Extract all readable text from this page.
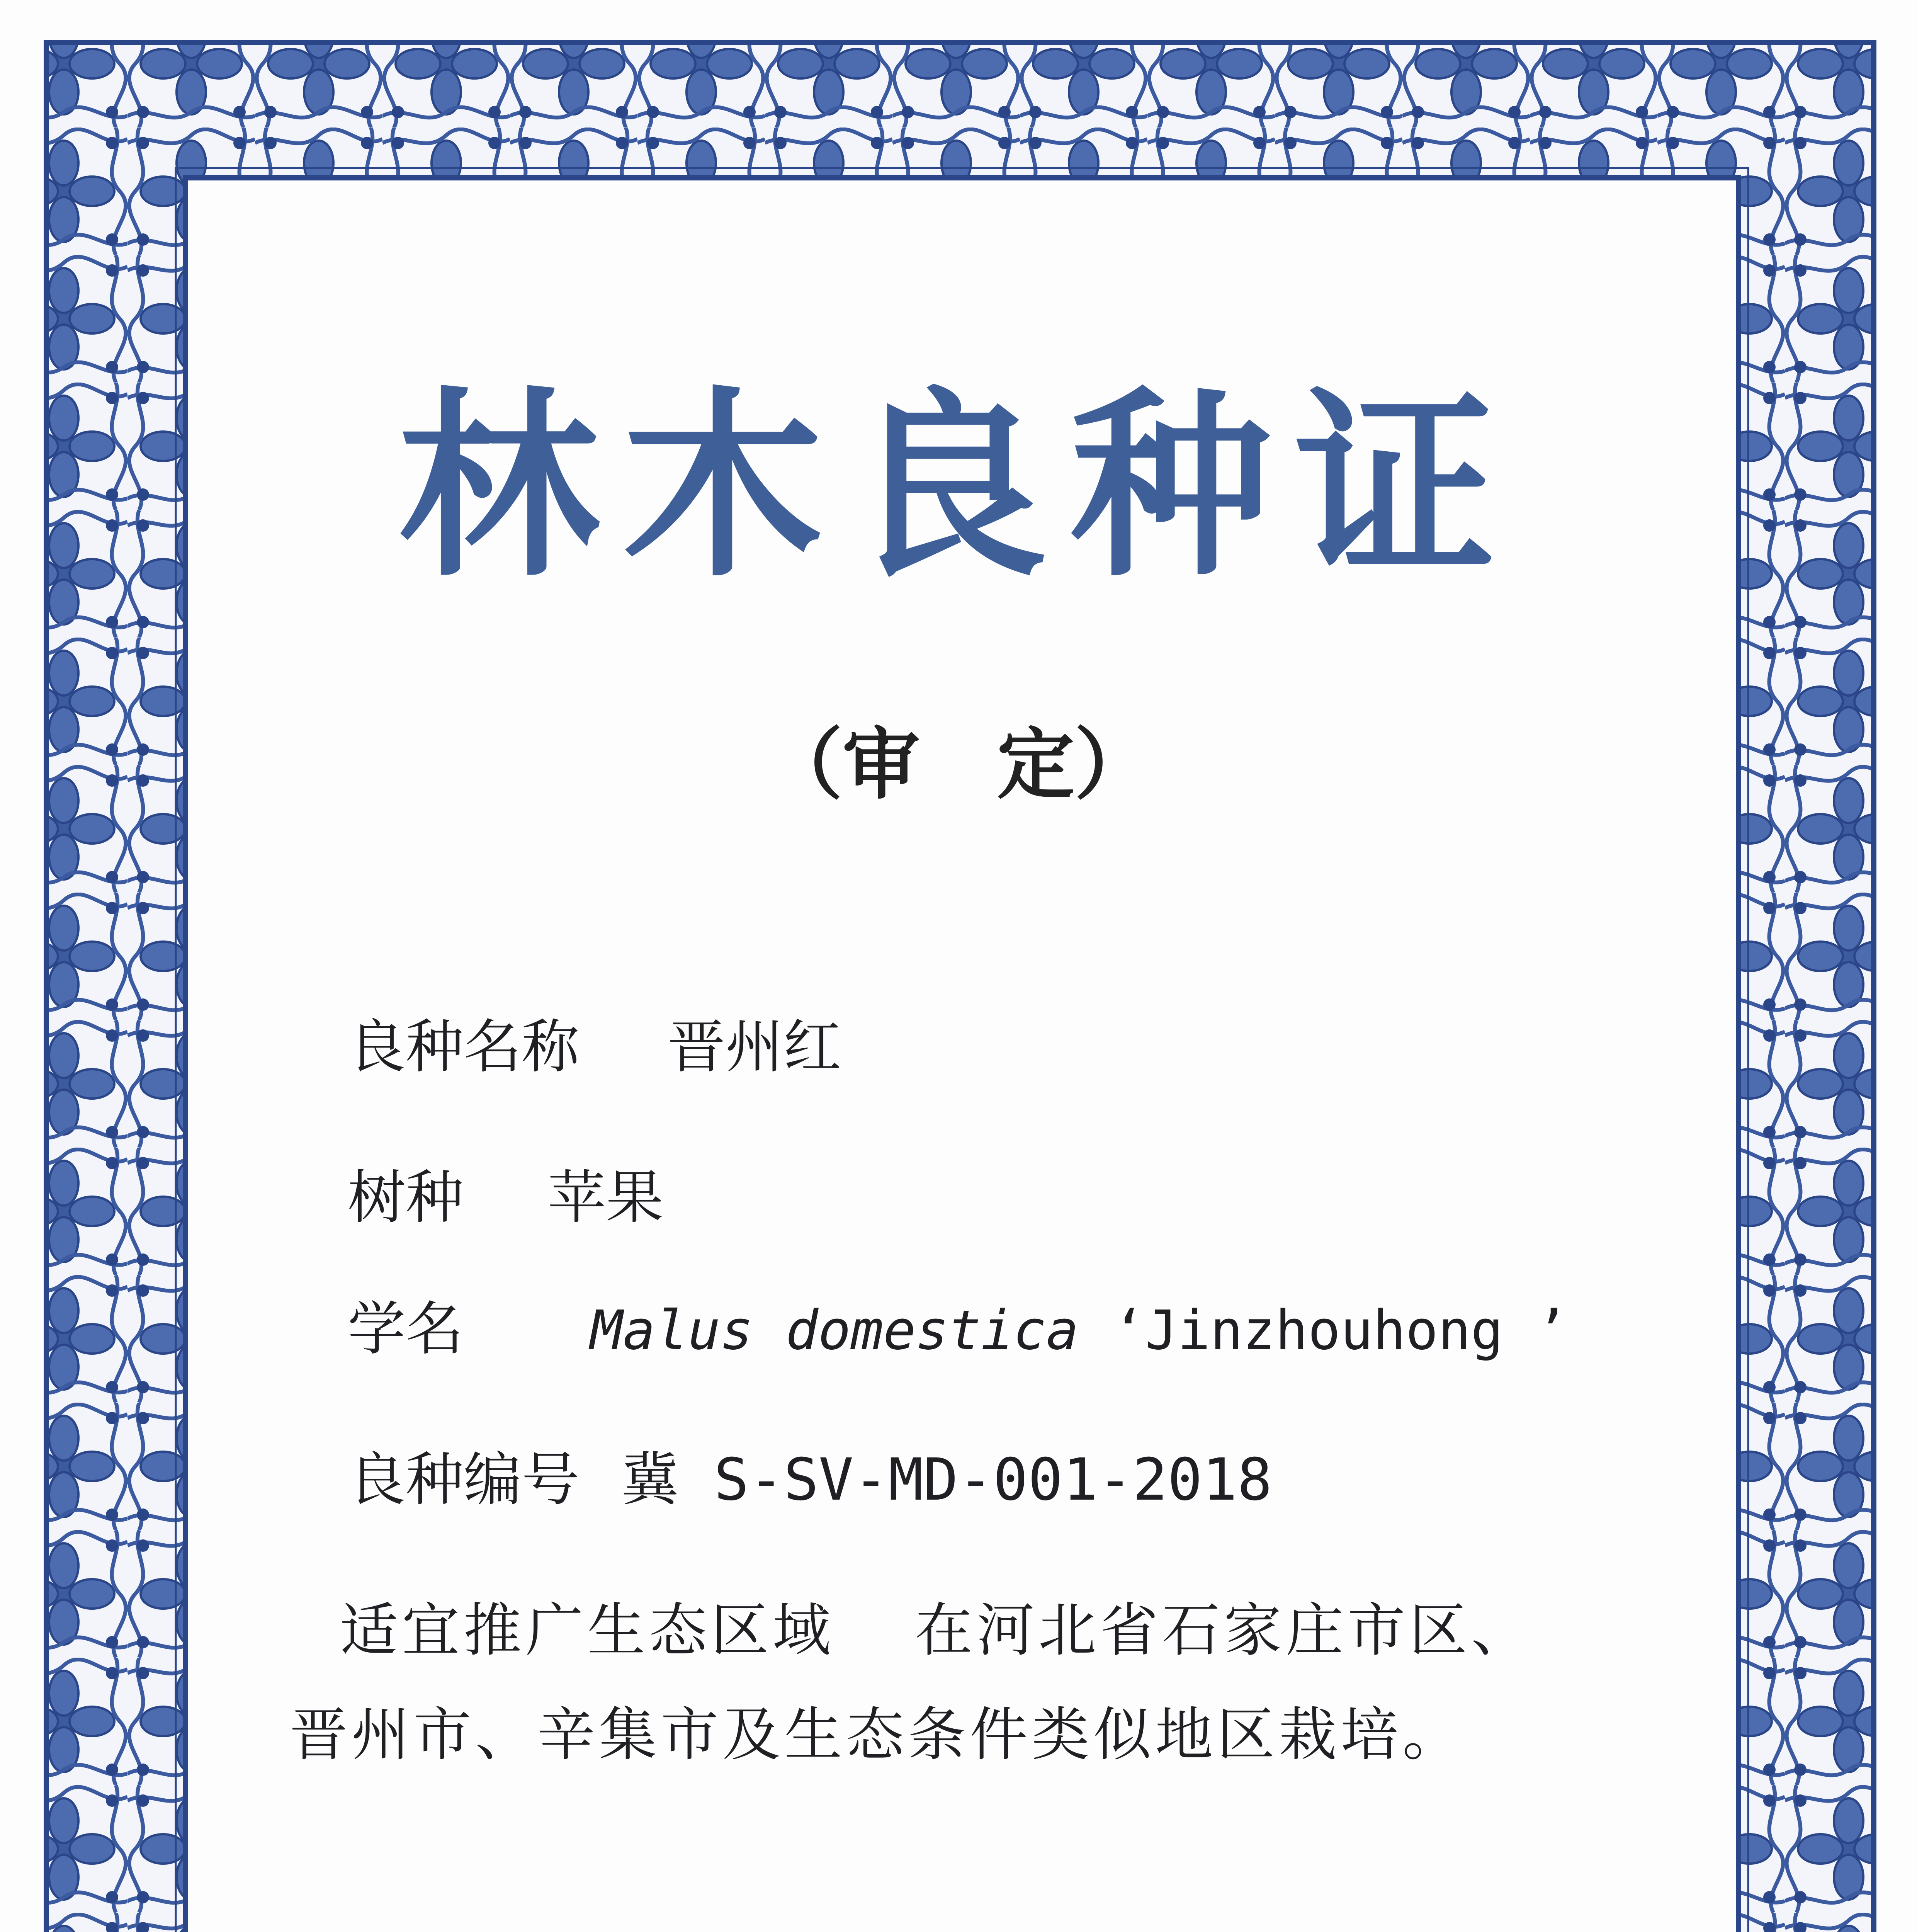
林木良种证
（审　定）
良种名称 晋州红
树种 苹果
学名 Malus domestica ‘Jinzhouhong ’
良种编号 冀 S-SV-MD-001-2018
适宜推广生态区域 在河北省石家庄市区、
晋州市、辛集市及生态条件类似地区栽培。
